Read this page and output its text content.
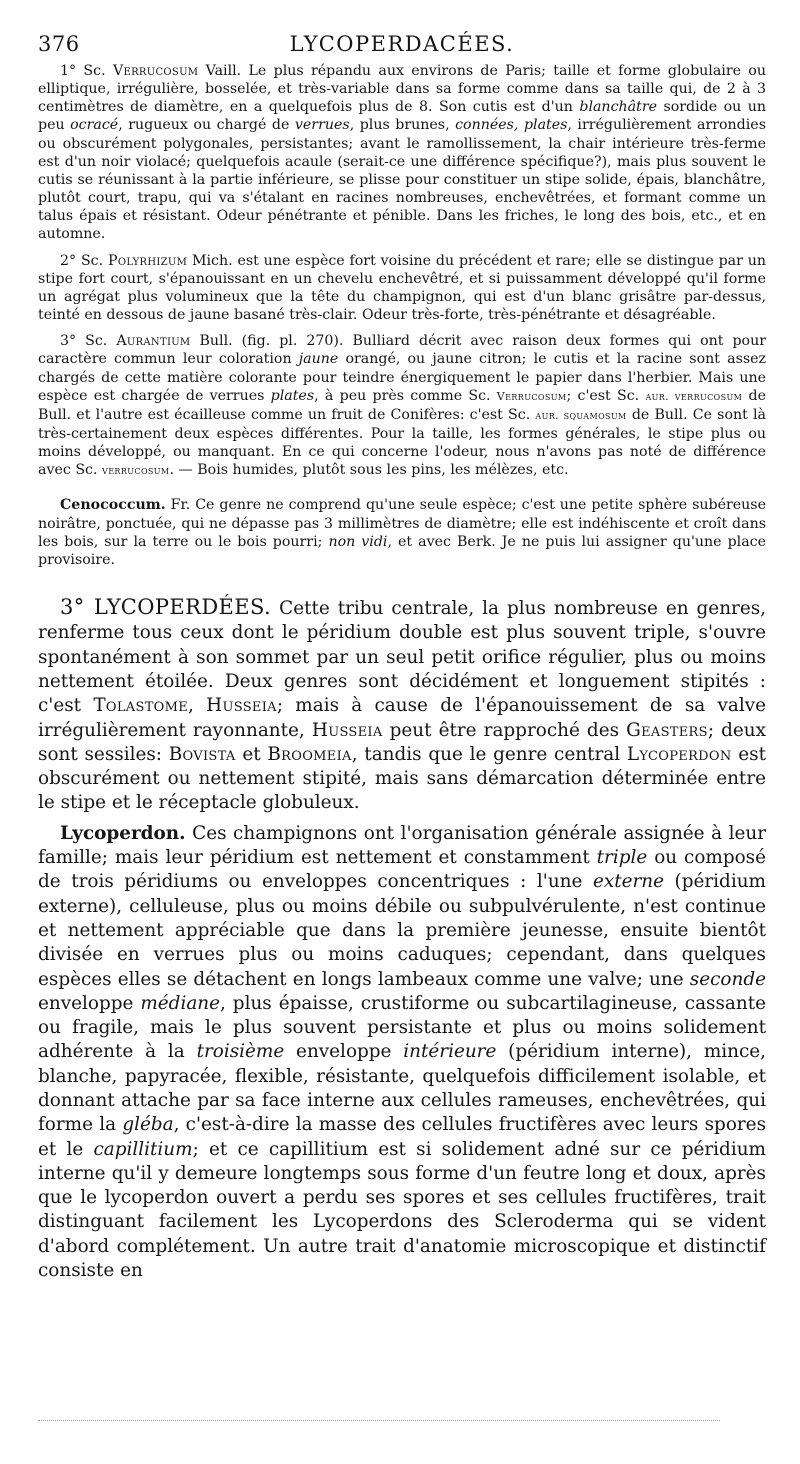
376	LYCOPERDACÉES.

1° Sc. Verrucosum Vaill. Le plus répandu aux environs de Paris; taille et forme globulaire ou elliptique, irrégulière, bosselée, et très-variable dans sa forme comme dans sa taille qui, de 2 à 3 centimètres de diamètre, en a quelquefois plus de 8. Son cutis est d'un blanchâtre sordide ou un peu ocracé, rugueux ou chargé de verrues, plus brunes, connées, plates, irrégulièrement arrondies ou obscurément polygonales, persistantes; avant le ramollissement, la chair intérieure très-ferme est d'un noir violacé; quelquefois acaule (serait-ce une différence spécifique?), mais plus souvent le cutis se réunissant à la partie inférieure, se plisse pour constituer un stipe solide, épais, blanchâtre, plutôt court, trapu, qui va s'étalant en racines nombreuses, enchevêtrées, et formant comme un talus épais et résistant. Odeur pénétrante et pénible. Dans les friches, le long des bois, etc., et en automne.

2° Sc. Polyrhizum Mich. est une espèce fort voisine du précédent et rare; elle se distingue par un stipe fort court, s'épanouissant en un chevelu enchevêtré, et si puissamment développé qu'il forme un agrégat plus volumineux que la tête du champignon, qui est d'un blanc grisâtre par-dessus, teinté en dessous de jaune basané très-clair. Odeur très-forte, très-pénétrante et désagréable.

3° Sc. Aurantium Bull. (fig. pl. 270). Bulliard décrit avec raison deux formes qui ont pour caractère commun leur coloration jaune orangé, ou jaune citron; le cutis et la racine sont assez chargés de cette matière colorante pour teindre énergiquement le papier dans l'herbier. Mais une espèce est chargée de verrues plates, à peu près comme Sc. Verrucosum; c'est Sc. aur. verrucosum de Bull. et l'autre est écailleuse comme un fruit de Conifères: c'est Sc. aur. squamosum de Bull. Ce sont là très-certainement deux espèces différentes. Pour la taille, les formes générales, le stipe plus ou moins développé, ou manquant. En ce qui concerne l'odeur, nous n'avons pas noté de différence avec Sc. verrucosum. — Bois humides, plutôt sous les pins, les mélèzes, etc.

Cenococcum. Fr. Ce genre ne comprend qu'une seule espèce; c'est une petite sphère subéreuse noirâtre, ponctuée, qui ne dépasse pas 3 millimètres de diamètre; elle est indéhiscente et croît dans les bois, sur la terre ou le bois pourri; non vidi, et avec Berk. Je ne puis lui assigner qu'une place provisoire.

3° LYCOPERDÉES. Cette tribu centrale, la plus nombreuse en genres, renferme tous ceux dont le péridium double est plus souvent triple, s'ouvre spontanément à son sommet par un seul petit orifice régulier, plus ou moins nettement étoilée. Deux genres sont décidément et longuement stipités : c'est Tolastome, Husseia; mais à cause de l'épanouissement de sa valve irrégulièrement rayonnante, Husseia peut être rapproché des Geasters; deux sont sessiles: Bovista et Broomeia, tandis que le genre central Lycoperdon est obscurément ou nettement stipité, mais sans démarcation déterminée entre le stipe et le réceptacle globuleux.

Lycoperdon. Ces champignons ont l'organisation générale assignée à leur famille; mais leur péridium est nettement et constamment triple ou composé de trois péridiums ou enveloppes concentriques : l'une externe (péridium externe), celluleuse, plus ou moins débile ou subpulvérulente, n'est continue et nettement appréciable que dans la première jeunesse, ensuite bientôt divisée en verrues plus ou moins caduques; cependant, dans quelques espèces elles se détachent en longs lambeaux comme une valve; une seconde enveloppe médiane, plus épaisse, crustiforme ou subcartilagineuse, cassante ou fragile, mais le plus souvent persistante et plus ou moins solidement adhérente à la troisième enveloppe intérieure (péridium interne), mince, blanche, papyracée, flexible, résistante, quelquefois difficilement isolable, et donnant attache par sa face interne aux cellules rameuses, enchevêtrées, qui forme la gléba, c'est-à-dire la masse des cellules fructifères avec leurs spores et le capillitium; et ce capillitium est si solidement adné sur ce péridium interne qu'il y demeure longtemps sous forme d'un feutre long et doux, après que le lycoperdon ouvert a perdu ses spores et ses cellules fructifères, trait distinguant facilement les Lycoperdons des Scleroderma qui se vident d'abord complétement. Un autre trait d'anatomie microscopique et distinctif consiste en
